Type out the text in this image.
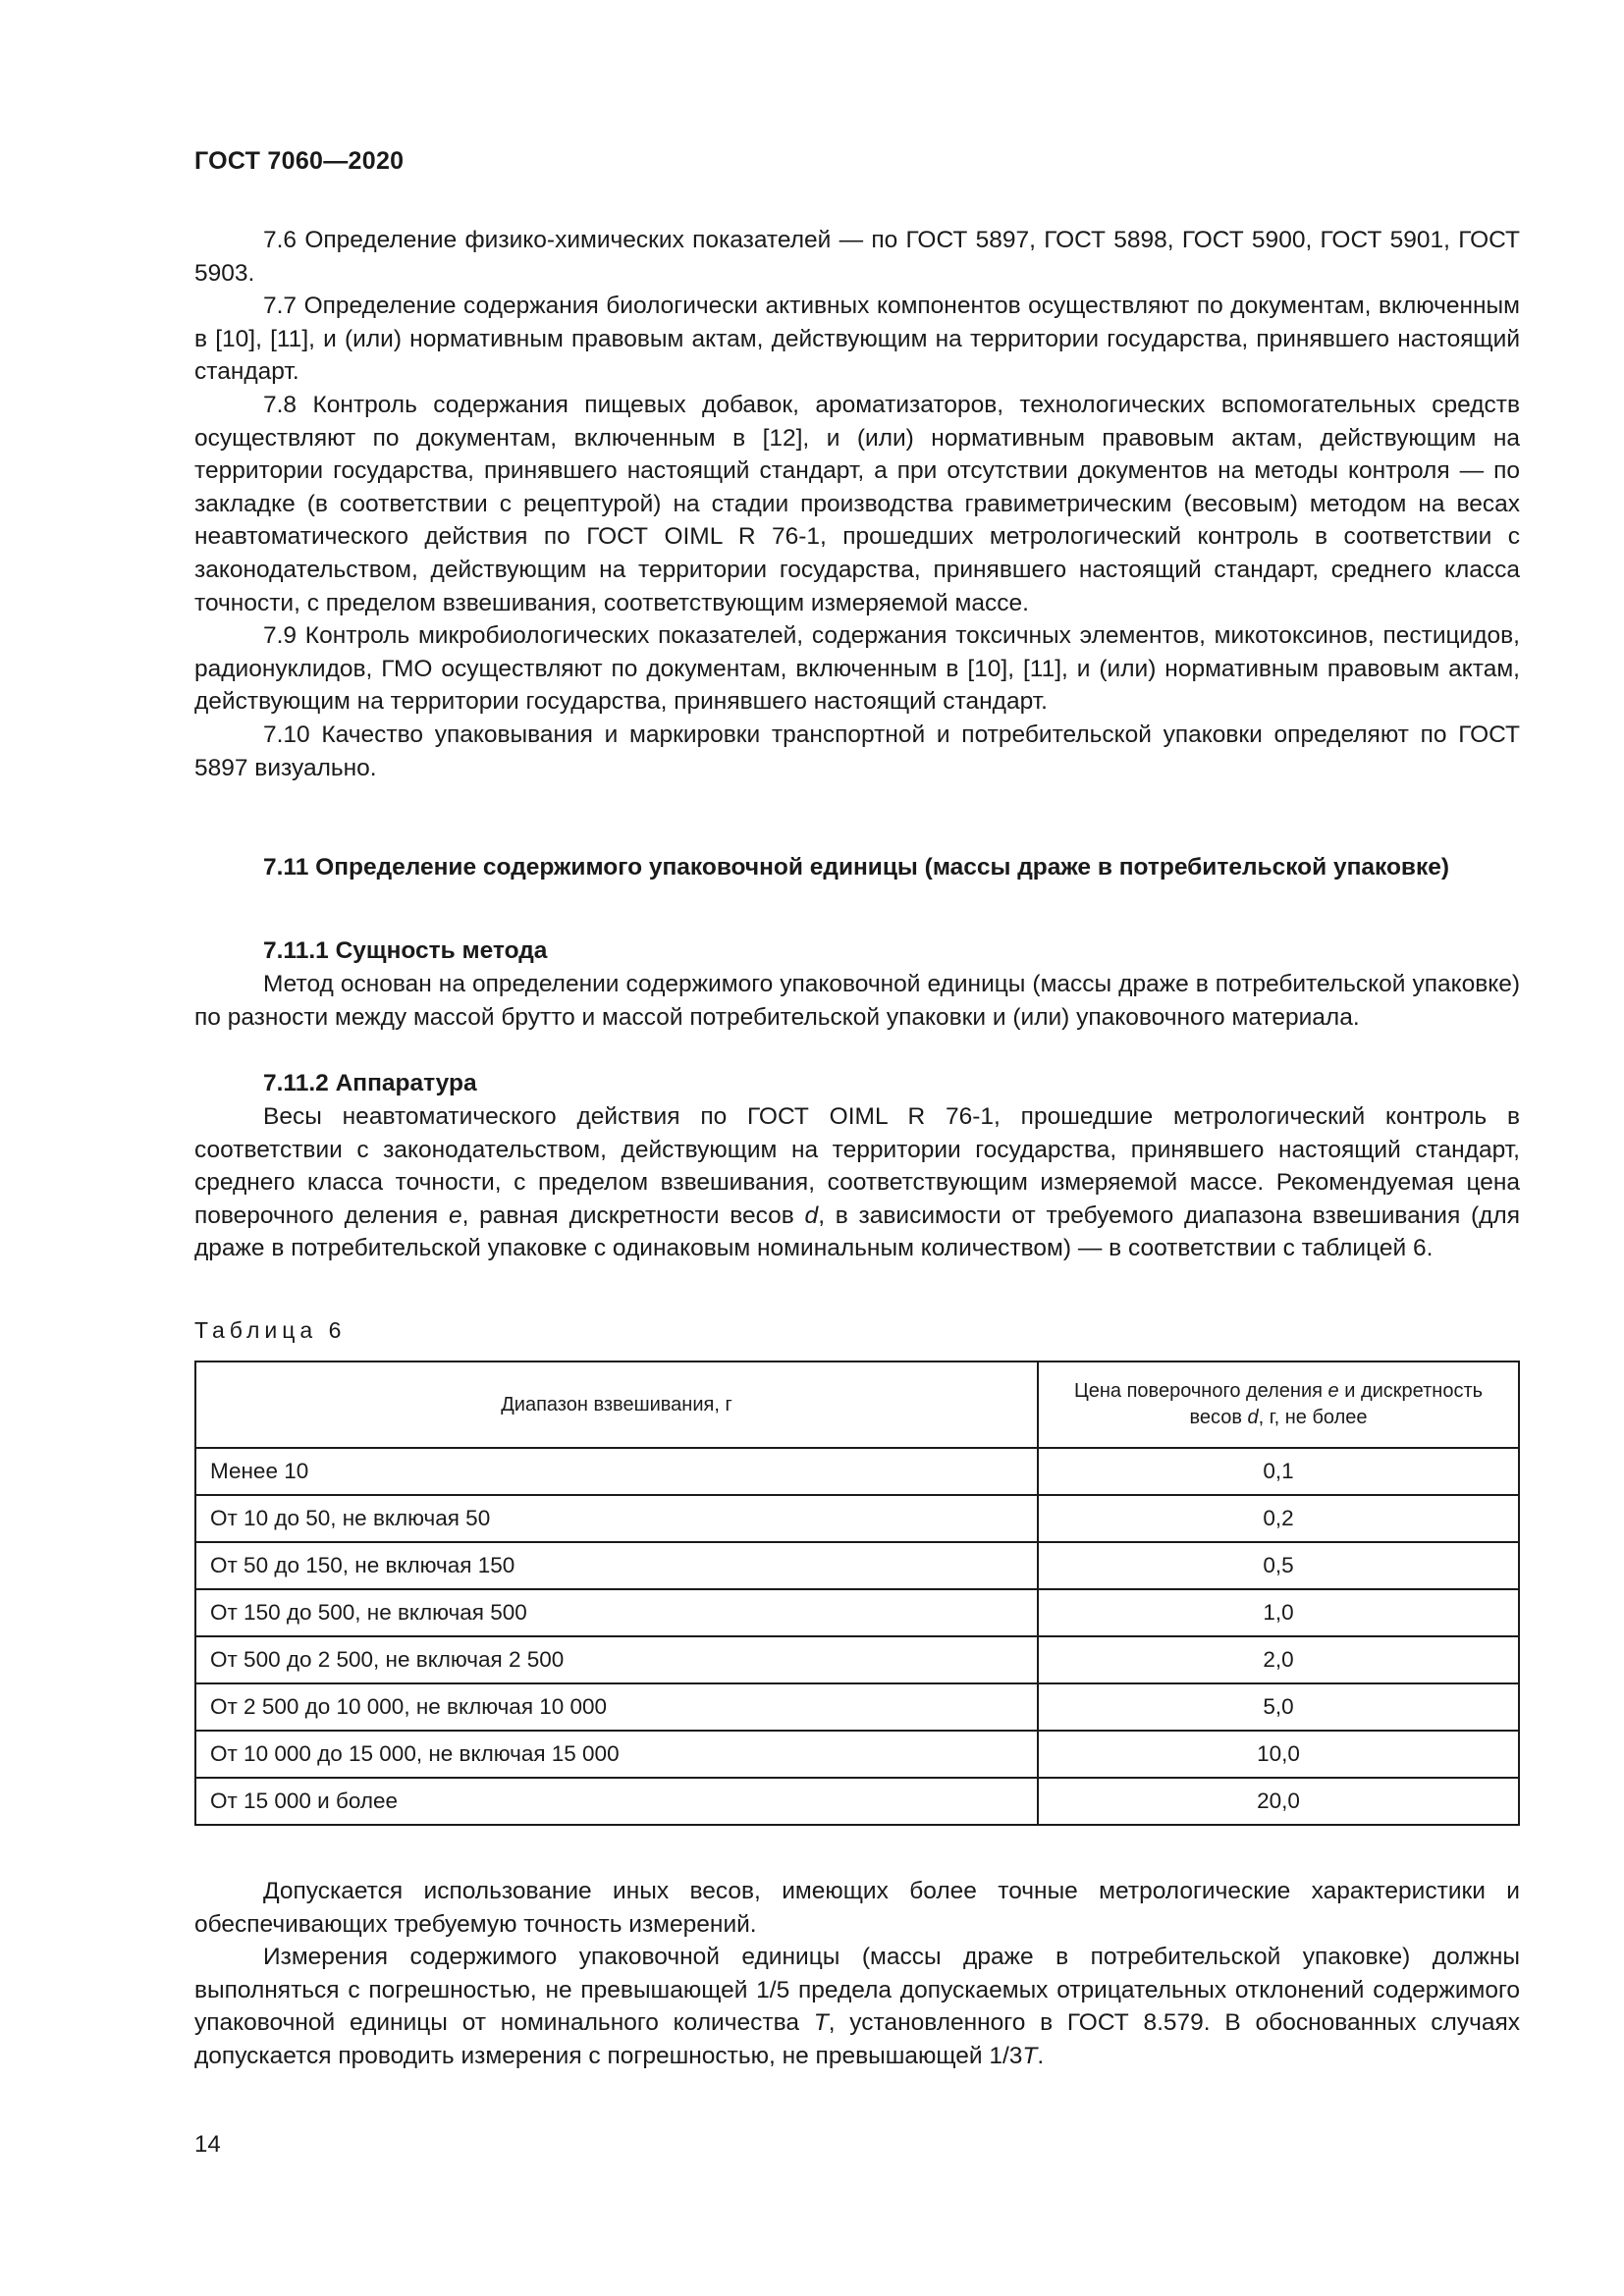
ГОСТ 7060—2020

7.6 Определение физико-химических показателей — по ГОСТ 5897, ГОСТ 5898, ГОСТ 5900, ГОСТ 5901, ГОСТ 5903.

7.7 Определение содержания биологически активных компонентов осуществляют по документам, включенным в [10], [11], и (или) нормативным правовым актам, действующим на территории государства, принявшего настоящий стандарт.

7.8 Контроль содержания пищевых добавок, ароматизаторов, технологических вспомогательных средств осуществляют по документам, включенным в [12], и (или) нормативным правовым актам, действующим на территории государства, принявшего настоящий стандарт, а при отсутствии документов на методы контроля — по закладке (в соответствии с рецептурой) на стадии производства гравиметрическим (весовым) методом на весах неавтоматического действия по ГОСТ OIML R 76-1, прошедших метрологический контроль в соответствии с законодательством, действующим на территории государства, принявшего настоящий стандарт, среднего класса точности, с пределом взвешивания, соответствующим измеряемой массе.

7.9 Контроль микробиологических показателей, содержания токсичных элементов, микотоксинов, пестицидов, радионуклидов, ГМО осуществляют по документам, включенным в [10], [11], и (или) нормативным правовым актам, действующим на территории государства, принявшего настоящий стандарт.

7.10 Качество упаковывания и маркировки транспортной и потребительской упаковки определяют по ГОСТ 5897 визуально.

7.11 Определение содержимого упаковочной единицы (массы драже в потребительской упаковке)
7.11.1 Сущность метода

Метод основан на определении содержимого упаковочной единицы (массы драже в потребительской упаковке) по разности между массой брутто и массой потребительской упаковки и (или) упаковочного материала.

7.11.2 Аппаратура

Весы неавтоматического действия по ГОСТ OIML R 76-1, прошедшие метрологический контроль в соответствии с законодательством, действующим на территории государства, принявшего настоящий стандарт, среднего класса точности, с пределом взвешивания, соответствующим измеряемой массе. Рекомендуемая цена поверочного деления e, равная дискретности весов d, в зависимости от требуемого диапазона взвешивания (для драже в потребительской упаковке с одинаковым номинальным количеством) — в соответствии с таблицей 6.

Таблица 6
Диапазон взвешивания, г	Цена поверочного деления e и дискретность весов d, г, не более
Менее 10	0,1
От 10 до 50, не включая 50	0,2
От 50 до 150, не включая 150	0,5
От 150 до 500, не включая 500	1,0
От 500 до 2 500, не включая 2 500	2,0
От 2 500 до 10 000, не включая 10 000	5,0
От 10 000 до 15 000, не включая 15 000	10,0
От 15 000 и более	20,0

Допускается использование иных весов, имеющих более точные метрологические характеристики и обеспечивающих требуемую точность измерений.

Измерения содержимого упаковочной единицы (массы драже в потребительской упаковке) должны выполняться с погрешностью, не превышающей 1/5 предела допускаемых отрицательных отклонений содержимого упаковочной единицы от номинального количества T, установленного в ГОСТ 8.579. В обоснованных случаях допускается проводить измерения с погрешностью, не превышающей 1/3T.

14
